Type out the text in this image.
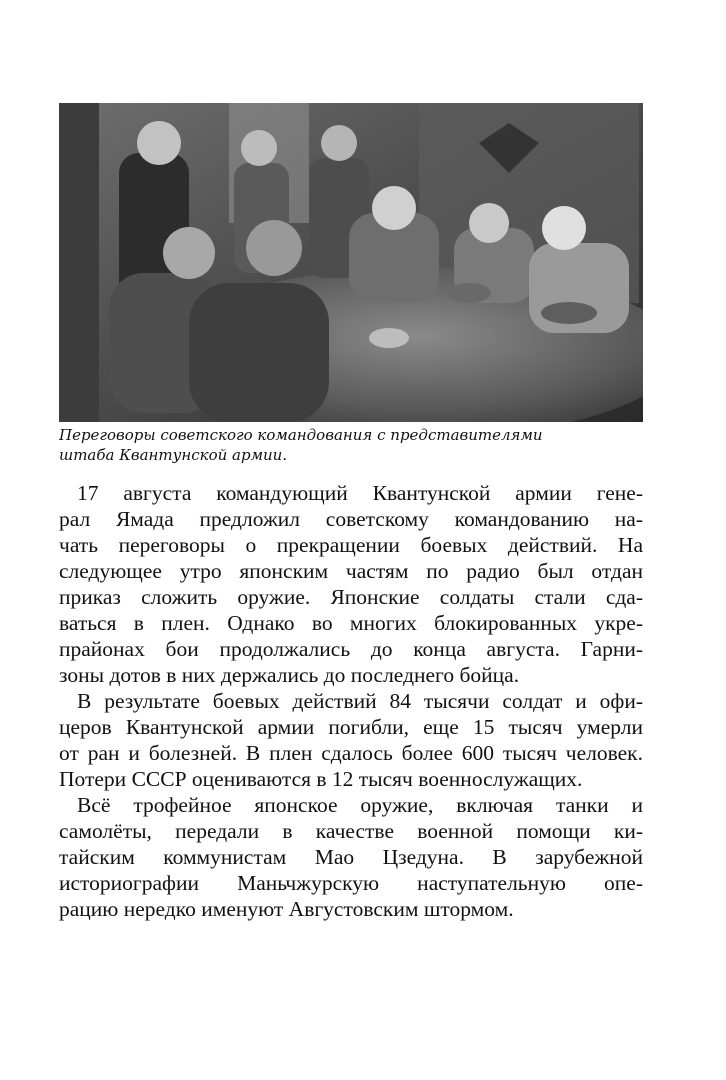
Переговоры советского командования с представителями
штаба Квантунской армии.
17 августа командующий Квантунской армии гене-
рал Ямада предложил советскому командованию на-
чать переговоры о прекращении боевых действий. На
следующее утро японским частям по радио был отдан
приказ сложить оружие. Японские солдаты стали сда-
ваться в плен. Однако во многих блокированных укре-
прайонах бои продолжались до конца августа. Гарни-
зоны дотов в них держались до последнего бойца.
В результате боевых действий 84 тысячи солдат и офи-
церов Квантунской армии погибли, еще 15 тысяч умерли
от ран и болезней. В плен сдалось более 600 тысяч человек.
Потери СССР оцениваются в 12 тысяч военнослужащих.
Всё трофейное японское оружие, включая танки и
самолёты, передали в качестве военной помощи ки-
тайским коммунистам Мао Цзедуна. В зарубежной
историографии Маньчжурскую наступательную опе-
рацию нередко именуют Августовским штормом.
